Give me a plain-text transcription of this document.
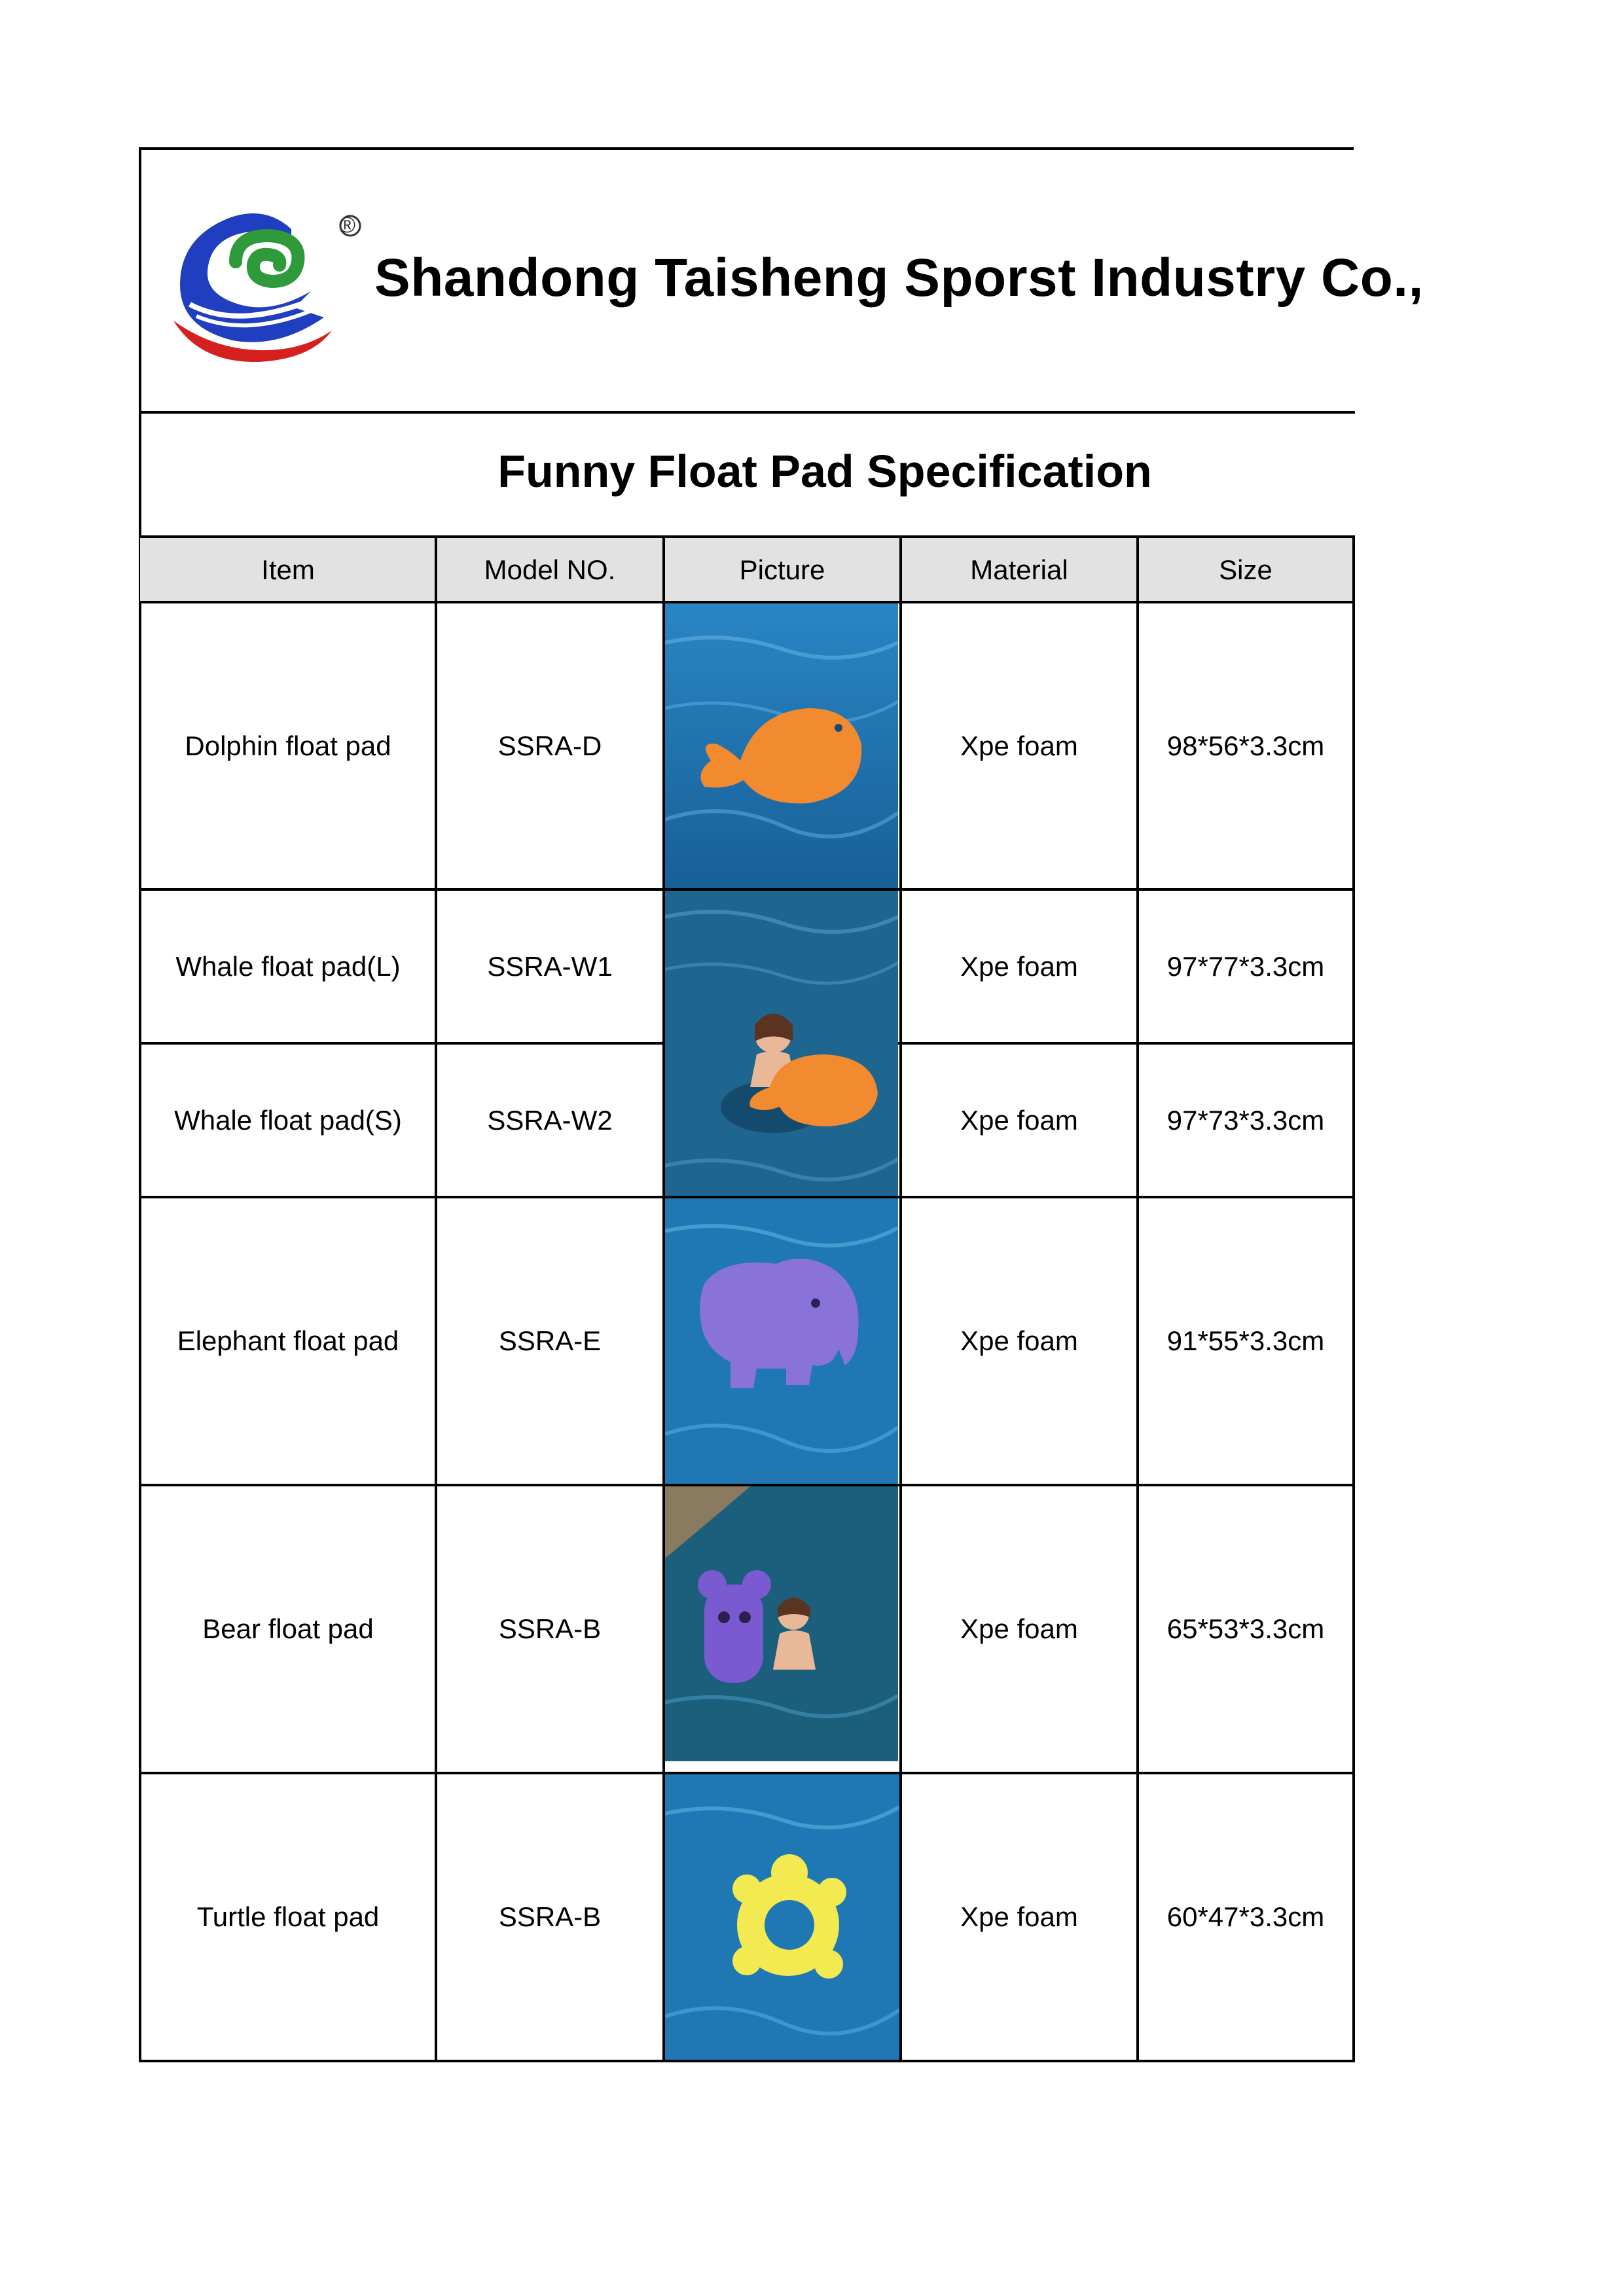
®
Shandong Taisheng Sporst Industry Co.,
Funny Float Pad Specification
Item	Model NO.	Picture	Material	Size
Dolphin float pad	SSRA-D	Xpe foam	98*56*3.3cm
Whale float pad(L)	SSRA-W1	Xpe foam	97*77*3.3cm
Whale float pad(S)	SSRA-W2	Xpe foam	97*73*3.3cm
Elephant float pad	SSRA-E	Xpe foam	91*55*3.3cm
Bear float pad	SSRA-B	Xpe foam	65*53*3.3cm
Turtle float pad	SSRA-B	Xpe foam	60*47*3.3cm
